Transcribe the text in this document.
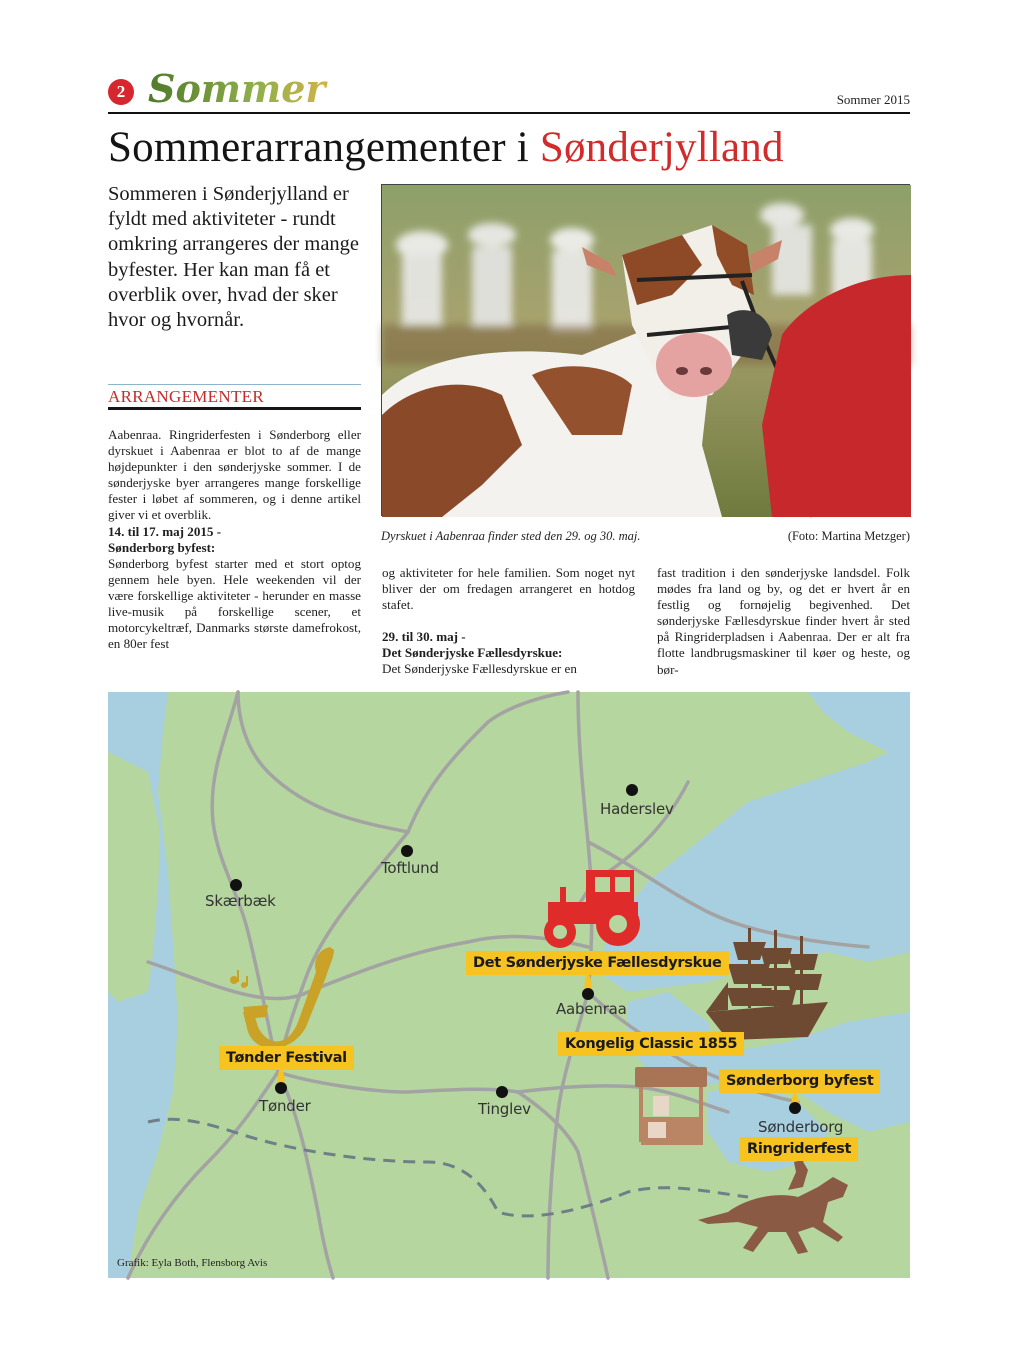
2 Sommer	Sommer 2015
Sommerarrangementer i Sønderjylland
Sommeren i Sønderjylland er fyldt med aktiviteter - rundt omkring arrangeres der mange byfester. Her kan man få et overblik over, hvad der sker hvor og hvornår.
ARRANGEMENTER
Dyrskuet i Aabenraa finder sted den 29. og 30. maj.	(Foto: Martina Metzger)

Aabenraa. Ringriderfesten i Sønderborg eller dyrskuet i Aabenraa er blot to af de mange højdepunkter i den sønderjyske sommer. I de sønderjyske byer arrangeres mange forskellige fester i løbet af sommeren, og i denne artikel giver vi et overblik.

14. til 17. maj 2015 -

Sønderborg byfest:

Sønderborg byfest starter med et stort optog gennem hele byen. Hele weekenden vil der være forskellige aktiviteter - herunder en masse live-musik på forskellige scener, et motorcykeltræf, Danmarks største damefrokost, en 80er fest

og aktiviteter for hele familien. Som noget nyt bliver der om fredagen arrangeret en hotdog stafet.

29. til 30. maj -

Det Sønderjyske Fællesdyrskue:

Det Sønderjyske Fællesdyrskue er en

fast tradition i den sønderjyske landsdel. Folk mødes fra land og by, og det er hvert år en festlig og fornøjelig begivenhed. Det sønderjyske Fællesdyrskue finder hvert år sted på Ringriderpladsen i Aabenraa. Der er alt fra flotte landbrugsmaskiner til køer og heste, og bør-

Haderslev
Toftlund
Skærbæk
Aabenraa
Tønder	Tinglev
Sønderborg
Det Sønderjyske Fællesdyrskue
Kongelig Classic 1855
Tønder Festival
Sønderborg byfest
Ringriderfest
Grafik: Eyla Both, Flensborg Avis
